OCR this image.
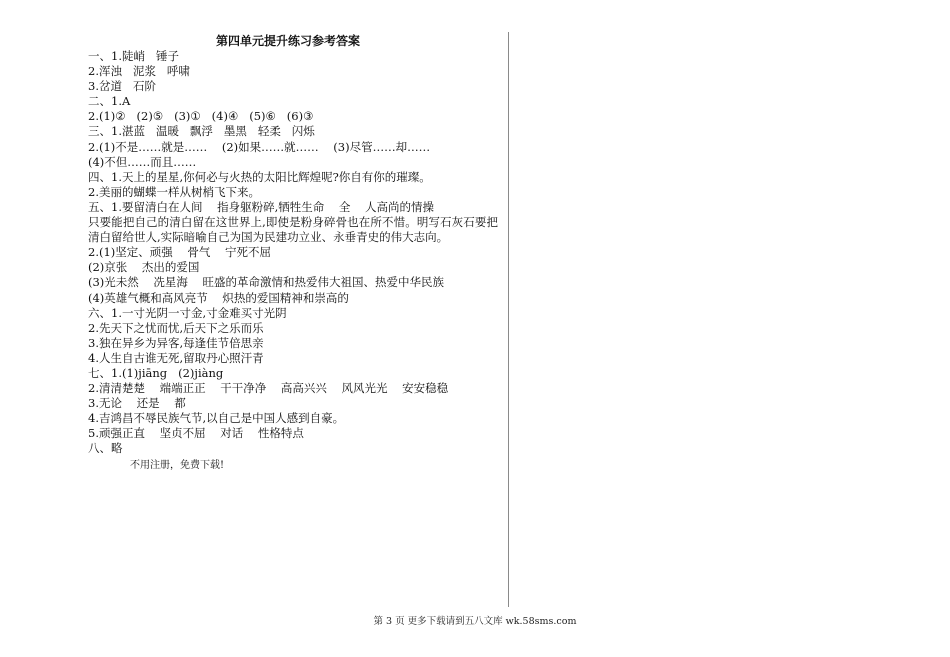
第四单元提升练习参考答案
一、1.陡峭   锤子
2.浑浊   泥浆   呼啸
3.岔道   石阶
二、1.A
2.(1)②   (2)⑤   (3)①   (4)④   (5)⑥   (6)③
三、1.湛蓝   温暖   飘浮   墨黑   轻柔   闪烁
2.(1)不是……就是……    (2)如果……就……    (3)尽管……却……
(4)不但……而且……
四、1.天上的星星,你何必与火热的太阳比辉煌呢?你自有你的璀璨。
2.美丽的蝴蝶一样从树梢飞下来。
五、1.要留清白在人间    指身躯粉碎,牺牲生命    全    人高尚的情操
只要能把自己的清白留在这世界上,即使是粉身碎骨也在所不惜。明写石灰石要把清白留给世人,实际暗喻自己为国为民建功立业、永垂青史的伟大志向。
2.(1)坚定、顽强    骨气    宁死不屈
(2)京张    杰出的爱国
(3)光未然    冼星海    旺盛的革命激情和热爱伟大祖国、热爱中华民族
(4)英雄气概和高风亮节    炽热的爱国精神和崇高的
六、1.一寸光阴一寸金,寸金难买寸光阴
2.先天下之忧而忧,后天下之乐而乐
3.独在异乡为异客,每逢佳节倍思亲
4.人生自古谁无死,留取丹心照汗青
七、1.(1)jiāng   (2)jiàng
2.清清楚楚    端端正正    干干净净    高高兴兴    风风光光    安安稳稳
3.无论    还是    都
4.吉鸿昌不辱民族气节,以自己是中国人感到自豪。
5.顽强正直    坚贞不屈    对话    性格特点
八、略
不用注册，免费下载!
第 3 页 更多下载请到五八文库 wk.58sms.com
